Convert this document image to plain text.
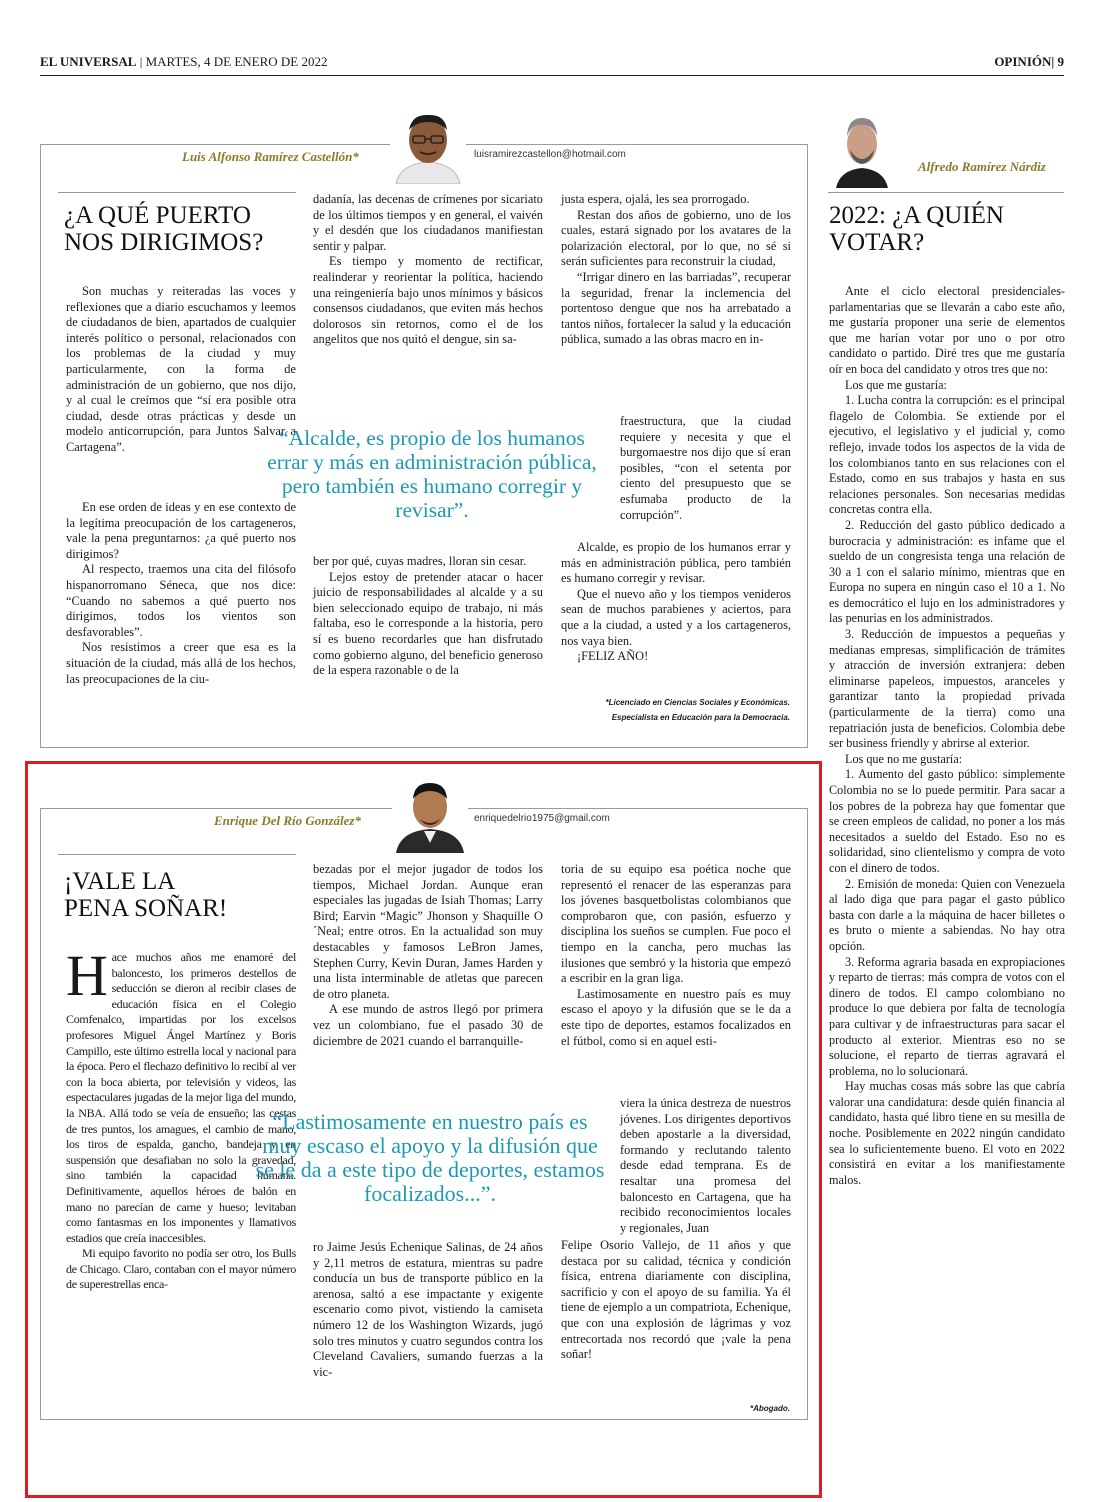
EL UNIVERSAL | MARTES, 4 DE ENERO DE 2022	OPINIÓN| 9
Luis Alfonso Ramírez Castellón*	luisramirezcastellon@hotmail.com
¿A QUÉ PUERTO
NOS DIRIGIMOS?

Son muchas y reiteradas las voces y reflexiones que a diario escuchamos y leemos de ciudadanos de bien, apartados de cualquier interés político o personal, relacionados con los problemas de la ciudad y muy particularmente, con la forma de administración de un gobierno, que nos dijo, y al cual le creímos que “sí era posible otra ciudad, desde otras prácticas y desde un modelo anticorrupción, para Juntos Salvar a Cartagena”.

En ese orden de ideas y en ese contexto de la legítima preocupación de los cartageneros, vale la pena preguntarnos: ¿a qué puerto nos dirigimos?

Al respecto, traemos una cita del filósofo hispanorromano Séneca, que nos dice: “Cuando no sabemos a qué puerto nos dirigimos, todos los vientos son desfavorables”.

Nos resistimos a creer que esa es la situación de la ciudad, más allá de los hechos, las preocupaciones de la ciu-

dadanía, las decenas de crímenes por sicariato de los últimos tiempos y en general, el vaivén y el desdén que los ciudadanos manifiestan sentir y palpar.

Es tiempo y momento de rectificar, realinderar y reorientar la política, haciendo una reingeniería bajo unos mínimos y básicos consensos ciudadanos, que eviten más hechos dolorosos sin retornos, como el de los angelitos que nos quitó el dengue, sin sa-

ber por qué, cuyas madres, lloran sin cesar.

Lejos estoy de pretender atacar o hacer juicio de responsabilidades al alcalde y a su bien seleccionado equipo de trabajo, ni más faltaba, eso le corresponde a la historia, pero sí es bueno recordarles que han disfrutado como gobierno alguno, del beneficio generoso de la espera razonable o de la

justa espera, ojalá, les sea prorrogado.

Restan dos años de gobierno, uno de los cuales, estará signado por los avatares de la polarización electoral, por lo que, no sé si serán suficientes para reconstruir la ciudad,

“Irrigar dinero en las barriadas”, recuperar la seguridad, frenar la inclemencia del portentoso dengue que nos ha arrebatado a tantos niños, fortalecer la salud y la educación pública, sumado a las obras macro en in-

fraestructura, que la ciudad requiere y necesita y que el burgomaestre nos dijo que sí eran posibles, “con el setenta por ciento del presupuesto que se esfumaba producto de la corrupción”.

Alcalde, es propio de los humanos errar y más en administración pública, pero también es humano corregir y revisar.

Que el nuevo año y los tiempos venideros sean de muchos parabienes y aciertos, para que a la ciudad, a usted y a los cartageneros, nos vaya bien.

¡FELIZ AÑO!

“Alcalde, es propio de los humanos errar y más en administración pública, pero también es humano corregir y revisar”.
*Licenciado en Ciencias Sociales y Económicas.
Especialista en Educación para la Democracia.
Enrique Del Río González*	enriquedelrio1975@gmail.com
¡VALE LA
PENA SOÑAR!
H ace muchos años me enamoré del baloncesto, los primeros destellos de seducción se dieron al recibir clases de educación física en el Colegio Comfenalco, impartidas por los excelsos profesores Miguel Ángel Martínez y Boris Campillo, este último estrella local y nacional para la época. Pero el flechazo definitivo lo recibí al ver con la boca abierta, por televisión y videos, las espectaculares jugadas de la mejor liga del mundo, la NBA. Allá todo se veía de ensueño; las cestas de tres puntos, los amagues, el cambio de mano, los tiros de espalda, gancho, bandeja y en suspensión que desafiaban no solo la gravedad, sino también la capacidad humana. Definitivamente, aquellos héroes de balón en mano no parecían de carne y hueso; levitaban como fantasmas en los imponentes y llamativos estadios que creía inaccesibles.

Mi equipo favorito no podía ser otro, los Bulls de Chicago. Claro, contaban con el mayor número de superestrellas enca-

bezadas por el mejor jugador de todos los tiempos, Michael Jordan. Aunque eran especiales las jugadas de Isiah Thomas; Larry Bird; Earvin “Magic” Jhonson y Shaquille O´Neal; entre otros. En la actualidad son muy destacables y famosos LeBron James, Stephen Curry, Kevin Duran, James Harden y una lista interminable de atletas que parecen de otro planeta.

A ese mundo de astros llegó por primera vez un colombiano, fue el pasado 30 de diciembre de 2021 cuando el barranquille-

ro Jaime Jesús Echenique Salinas, de 24 años y 2,11 metros de estatura, mientras su padre conducía un bus de transporte público en la arenosa, saltó a ese impactante y exigente escenario como pivot, vistiendo la camiseta número 12 de los Washington Wizards, jugó solo tres minutos y cuatro segundos contra los Cleveland Cavaliers, sumando fuerzas a la vic-

toria de su equipo esa poética noche que representó el renacer de las esperanzas para los jóvenes basquetbolistas colombianos que comprobaron que, con pasión, esfuerzo y disciplina los sueños se cumplen. Fue poco el tiempo en la cancha, pero muchas las ilusiones que sembró y la historia que empezó a escribir en la gran liga.

Lastimosamente en nuestro país es muy escaso el apoyo y la difusión que se le da a este tipo de deportes, estamos focalizados en el fútbol, como si en aquel esti-

viera la única destreza de nuestros jóvenes. Los dirigentes deportivos deben apostarle a la diversidad, formando y reclutando talento desde edad temprana. Es de resaltar una promesa del baloncesto en Cartagena, que ha recibido reconocimientos locales y regionales, Juan

Felipe Osorio Vallejo, de 11 años y que destaca por su calidad, técnica y condición física, entrena diariamente con disciplina, sacrificio y con el apoyo de su familia. Ya él tiene de ejemplo a un compatriota, Echenique, que con una explosión de lágrimas y voz entrecortada nos recordó que ¡vale la pena soñar!

“Lastimosamente en nuestro país es muy escaso el apoyo y la difusión que se le da a este tipo de deportes, estamos focalizados...”.
*Abogado.
Alfredo Ramírez Nárdiz
2022: ¿A QUIÉN
VOTAR?

Ante el ciclo electoral presidenciales-parlamentarias que se llevarán a cabo este año, me gustaría proponer una serie de elementos que me harían votar por uno o por otro candidato o partido. Diré tres que me gustaría oír en boca del candidato y otros tres que no:

Los que me gustaría:

1. Lucha contra la corrupción: es el principal flagelo de Colombia. Se extiende por el ejecutivo, el legislativo y el judicial y, como reflejo, invade todos los aspectos de la vida de los colombianos tanto en sus relaciones con el Estado, como en sus trabajos y hasta en sus relaciones personales. Son necesarias medidas concretas contra ella.

2. Reducción del gasto público dedicado a burocracia y administración: es infame que el sueldo de un congresista tenga una relación de 30 a 1 con el salario mínimo, mientras que en Europa no supera en ningún caso el 10 a 1. No es democrático el lujo en los administradores y las penurias en los administrados.

3. Reducción de impuestos a pequeñas y medianas empresas, simplificación de trámites y atracción de inversión extranjera: deben eliminarse papeleos, impuestos, aranceles y garantizar tanto la propiedad privada (particularmente de la tierra) como una repatriación justa de beneficios. Colombia debe ser business friendly y abrirse al exterior.

Los que no me gustaría:

1. Aumento del gasto público: simplemente Colombia no se lo puede permitir. Para sacar a los pobres de la pobreza hay que fomentar que se creen empleos de calidad, no poner a los más necesitados a sueldo del Estado. Eso no es solidaridad, sino clientelismo y compra de voto con el dinero de todos.

2. Emisión de moneda: Quien con Venezuela al lado diga que para pagar el gasto público basta con darle a la máquina de hacer billetes o es bruto o miente a sabiendas. No hay otra opción.

3. Reforma agraria basada en expropiaciones y reparto de tierras: más compra de votos con el dinero de todos. El campo colombiano no produce lo que debiera por falta de tecnología para cultivar y de infraestructuras para sacar el producto al exterior. Mientras eso no se solucione, el reparto de tierras agravará el problema, no lo solucionará.

Hay muchas cosas más sobre las que cabría valorar una candidatura: desde quién financia al candidato, hasta qué libro tiene en su mesilla de noche. Posiblemente en 2022 ningún candidato sea lo suficientemente bueno. El voto en 2022 consistirá en evitar a los manifiestamente malos.
